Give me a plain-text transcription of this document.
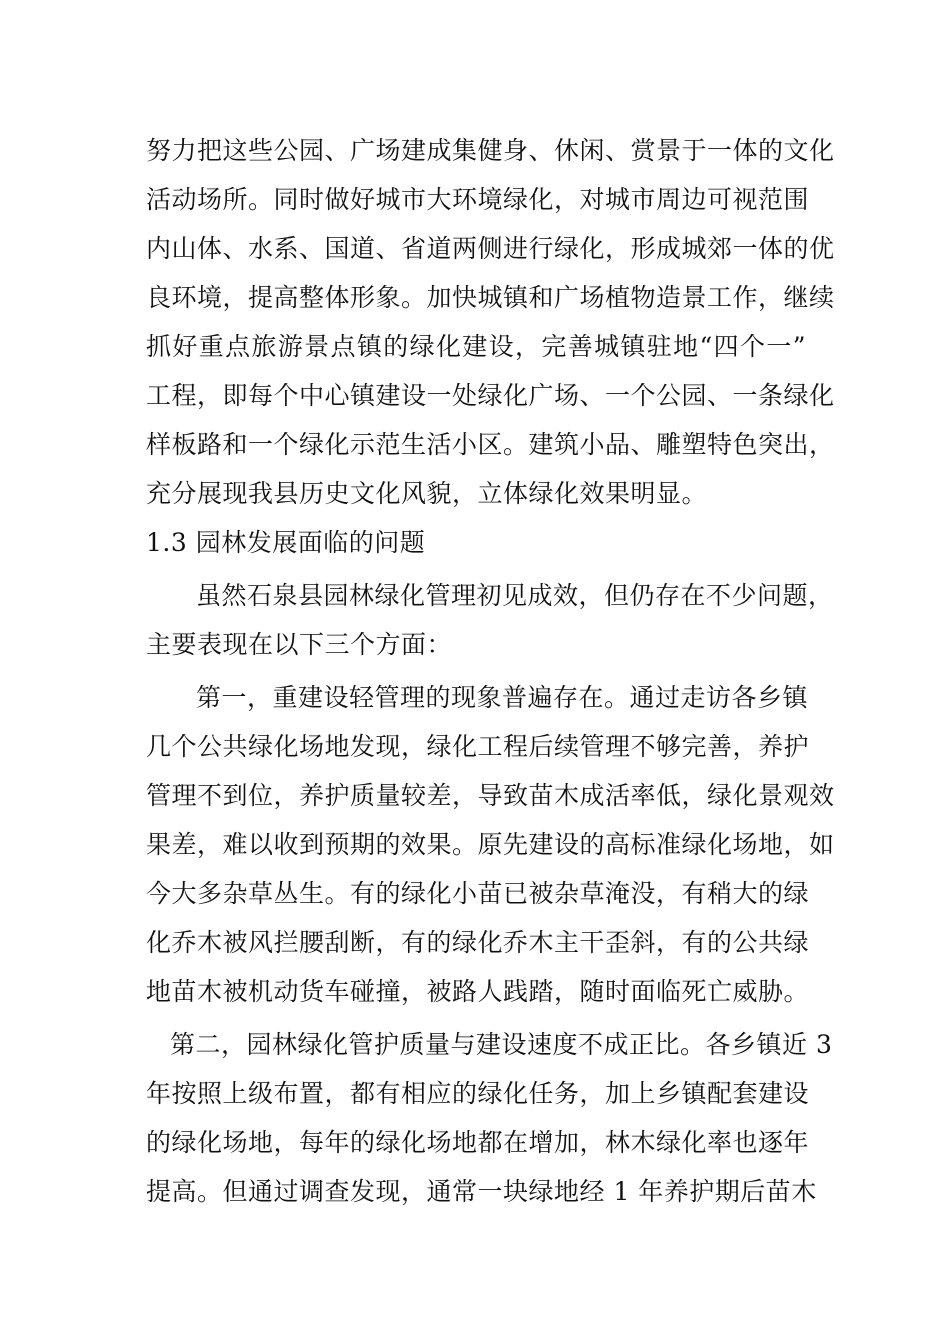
努力把这些公园、广场建成集健身、休闲、赏景于一体的文化
活动场所。同时做好城市大环境绿化，对城市周边可视范围
内山体、水系、国道、省道两侧进行绿化，形成城郊一体的优
良环境，提高整体形象。加快城镇和广场植物造景工作，继续
抓好重点旅游景点镇的绿化建设，完善城镇驻地“四个一”
工程，即每个中心镇建设一处绿化广场、一个公园、一条绿化
样板路和一个绿化示范生活小区。建筑小品、雕塑特色突出，
充分展现我县历史文化风貌，立体绿化效果明显。
1.3 园林发展面临的问题
虽然石泉县园林绿化管理初见成效，但仍存在不少问题，
主要表现在以下三个方面：
第一，重建设轻管理的现象普遍存在。通过走访各乡镇
几个公共绿化场地发现，绿化工程后续管理不够完善，养护
管理不到位，养护质量较差，导致苗木成活率低，绿化景观效
果差，难以收到预期的效果。原先建设的高标准绿化场地，如
今大多杂草丛生。有的绿化小苗已被杂草淹没，有稍大的绿
化乔木被风拦腰刮断，有的绿化乔木主干歪斜，有的公共绿
地苗木被机动货车碰撞，被路人践踏，随时面临死亡威胁。
第二，园林绿化管护质量与建设速度不成正比。各乡镇近 3
年按照上级布置，都有相应的绿化任务，加上乡镇配套建设
的绿化场地，每年的绿化场地都在增加，林木绿化率也逐年
提高。但通过调查发现，通常一块绿地经 1 年养护期后苗木
